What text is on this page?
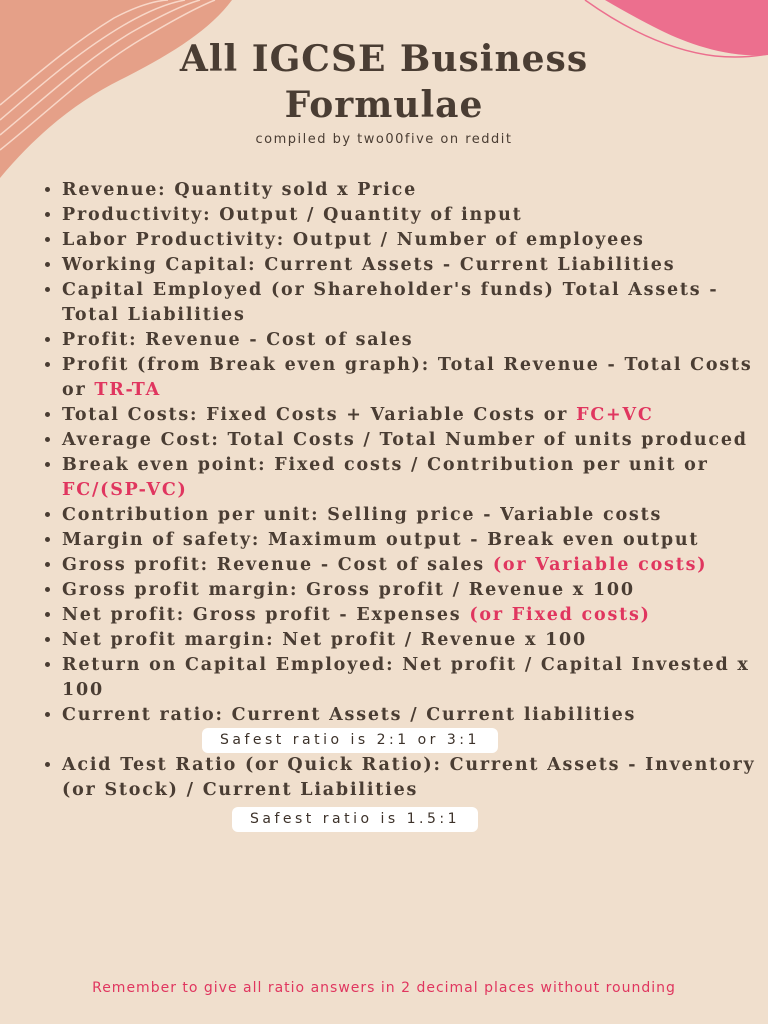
All IGCSE Business
Formulae
compiled by two00five on reddit
• Revenue: Quantity sold x Price
• Productivity: Output / Quantity of input
• Labor Productivity: Output / Number of employees
• Working Capital: Current Assets - Current Liabilities
• Capital Employed (or Shareholder's funds) Total Assets - Total Liabilities
• Profit: Revenue - Cost of sales
• Profit (from Break even graph): Total Revenue - Total Costs or TR-TA
• Total Costs: Fixed Costs + Variable Costs or FC+VC
• Average Cost: Total Costs / Total Number of units produced
• Break even point: Fixed costs / Contribution per unit or FC/(SP-VC)
• Contribution per unit: Selling price - Variable costs
• Margin of safety: Maximum output - Break even output
• Gross profit: Revenue - Cost of sales (or Variable costs)
• Gross profit margin: Gross profit / Revenue x 100
• Net profit: Gross profit - Expenses (or Fixed costs)
• Net profit margin: Net profit / Revenue x 100
• Return on Capital Employed: Net profit / Capital Invested x 100
• Current ratio: Current Assets / Current liabilities
Safest ratio is 2:1 or 3:1
• Acid Test Ratio (or Quick Ratio): Current Assets - Inventory (or Stock) / Current Liabilities
Safest ratio is 1.5:1
Remember to give all ratio answers in 2 decimal places without rounding
